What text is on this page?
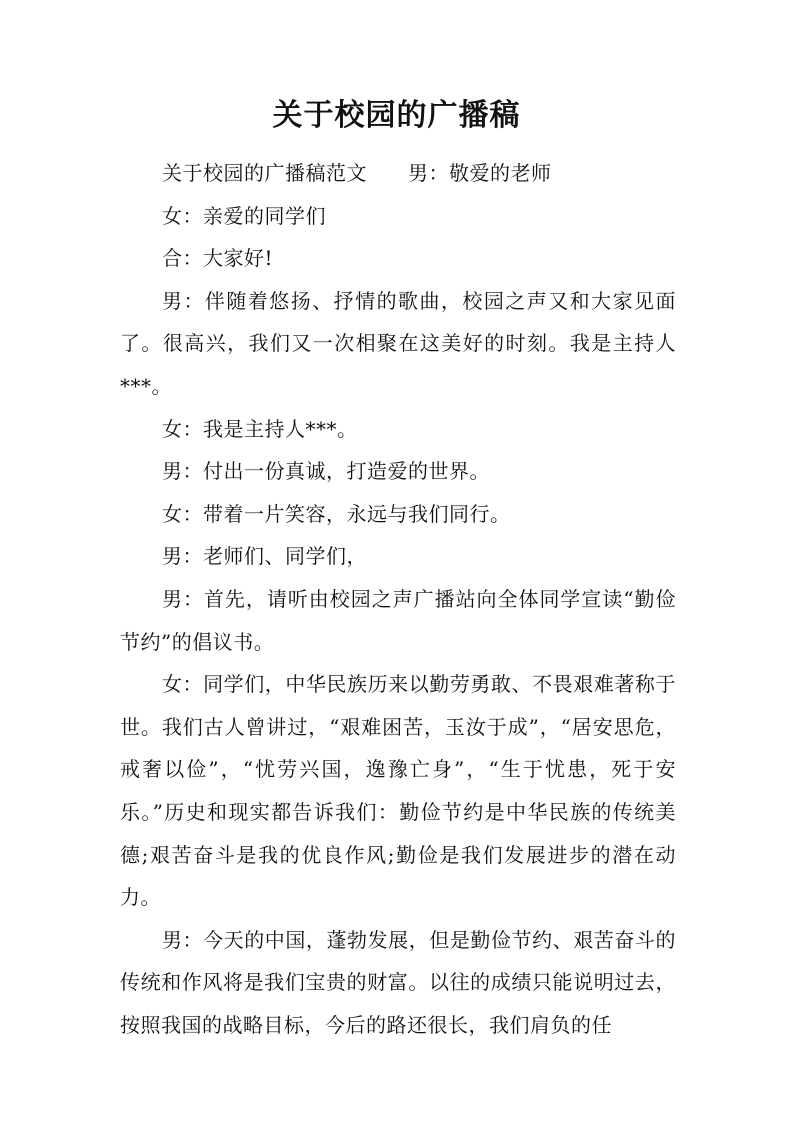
关于校园的广播稿

关于校园的广播稿范文　　男：敬爱的老师

女：亲爱的同学们

合：大家好!

男：伴随着悠扬、抒情的歌曲，校园之声又和大家见面了。很高兴，我们又一次相聚在这美好的时刻。我是主持人***。

女：我是主持人***。

男：付出一份真诚，打造爱的世界。

女：带着一片笑容，永远与我们同行。

男：老师们、同学们，

男：首先，请听由校园之声广播站向全体同学宣读“勤俭节约”的倡议书。

女：同学们，中华民族历来以勤劳勇敢、不畏艰难著称于世。我们古人曾讲过，“艰难困苦，玉汝于成”，“居安思危，戒奢以俭”，“忧劳兴国，逸豫亡身”，“生于忧患，死于安乐。”历史和现实都告诉我们：勤俭节约是中华民族的传统美德;艰苦奋斗是我的优良作风;勤俭是我们发展进步的潜在动力。

男：今天的中国，蓬勃发展，但是勤俭节约、艰苦奋斗的传统和作风将是我们宝贵的财富。以往的成绩只能说明过去，按照我国的战略目标，今后的路还很长，我们肩负的任
